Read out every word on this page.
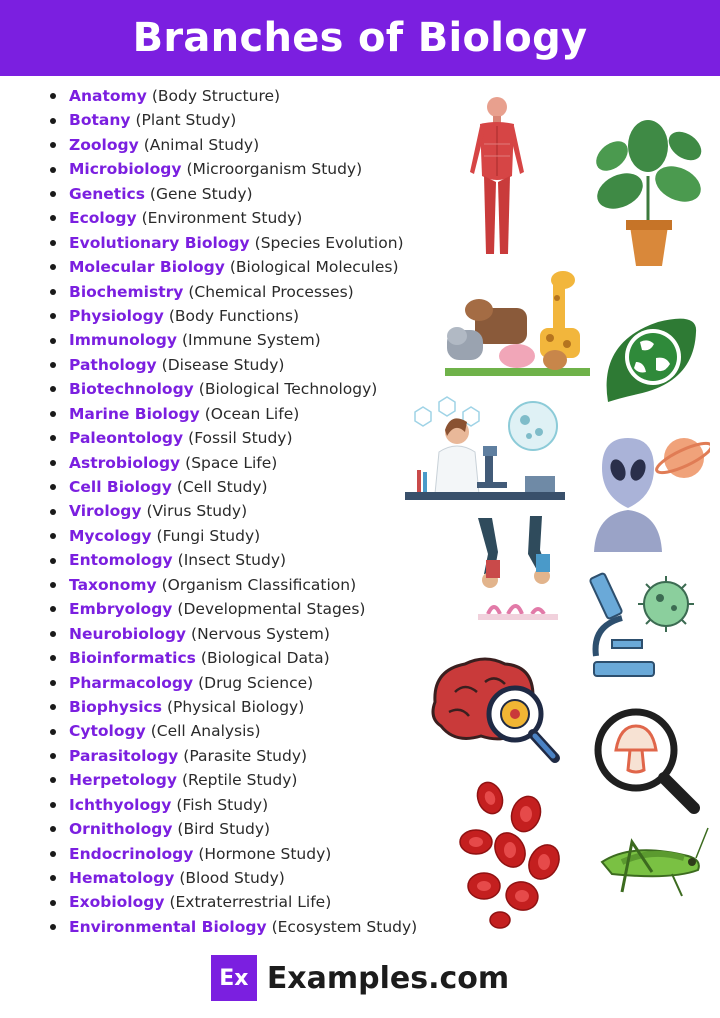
Branches of Biology
Anatomy (Body Structure)
Botany (Plant Study)
Zoology (Animal Study)
Microbiology (Microorganism Study)
Genetics (Gene Study)
Ecology (Environment Study)
Evolutionary Biology (Species Evolution)
Molecular Biology (Biological Molecules)
Biochemistry (Chemical Processes)
Physiology (Body Functions)
Immunology (Immune System)
Pathology (Disease Study)
Biotechnology (Biological Technology)
Marine Biology (Ocean Life)
Paleontology (Fossil Study)
Astrobiology (Space Life)
Cell Biology (Cell Study)
Virology (Virus Study)
Mycology (Fungi Study)
Entomology (Insect Study)
Taxonomy (Organism Classification)
Embryology (Developmental Stages)
Neurobiology (Nervous System)
Bioinformatics (Biological Data)
Pharmacology (Drug Science)
Biophysics (Physical Biology)
Cytology (Cell Analysis)
Parasitology (Parasite Study)
Herpetology (Reptile Study)
Ichthyology (Fish Study)
Ornithology (Bird Study)
Endocrinology (Hormone Study)
Hematology (Blood Study)
Exobiology (Extraterrestrial Life)
Environmental Biology (Ecosystem Study)
Ex Examples.com
